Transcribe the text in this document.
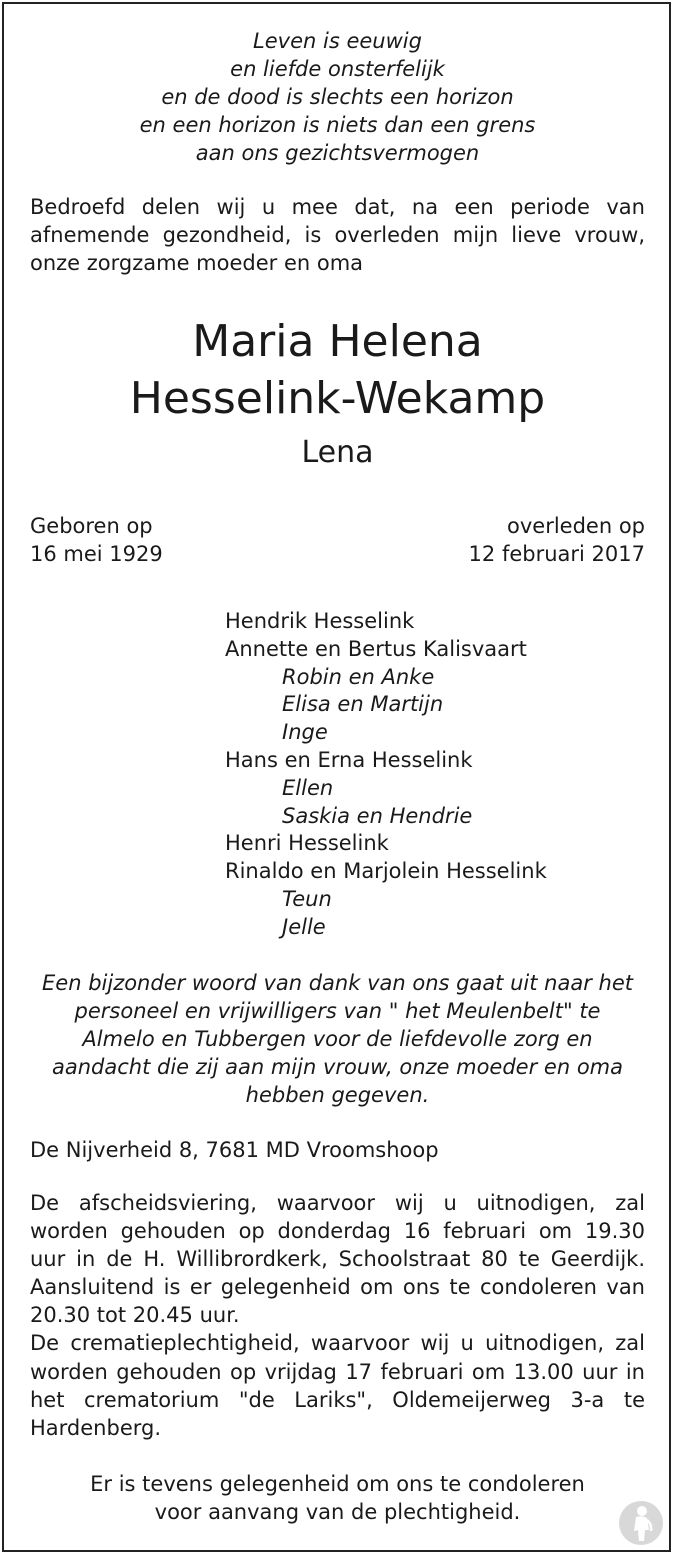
Leven is eeuwig
en liefde onsterfelijk
en de dood is slechts een horizon
en een horizon is niets dan een grens
aan ons gezichtsvermogen
Bedroefd delen wij u mee dat, na een periode van
afnemende gezondheid, is overleden mijn lieve vrouw,
onze zorgzame moeder en oma
Maria Helena
Hesselink-Wekamp
Lena
Geboren op
16 mei 1929
overleden op
12 februari 2017
Hendrik Hesselink
Annette en Bertus Kalisvaart
Robin en Anke
Elisa en Martijn
Inge
Hans en Erna Hesselink
Ellen
Saskia en Hendrie
Henri Hesselink
Rinaldo en Marjolein Hesselink
Teun
Jelle
Een bijzonder woord van dank van ons gaat uit naar het
personeel en vrijwilligers van " het Meulenbelt" te
Almelo en Tubbergen voor de liefdevolle zorg en
aandacht die zij aan mijn vrouw, onze moeder en oma
hebben gegeven.
De Nijverheid 8, 7681 MD Vroomshoop
De afscheidsviering, waarvoor wij u uitnodigen, zal
worden gehouden op donderdag 16 februari om 19.30
uur in de H. Willibrordkerk, Schoolstraat 80 te Geerdijk.
Aansluitend is er gelegenheid om ons te condoleren van
20.30 tot 20.45 uur.
De crematieplechtigheid, waarvoor wij u uitnodigen, zal
worden gehouden op vrijdag 17 februari om 13.00 uur in
het crematorium "de Lariks", Oldemeijerweg 3-a te
Hardenberg.
Er is tevens gelegenheid om ons te condoleren
voor aanvang van de plechtigheid.
